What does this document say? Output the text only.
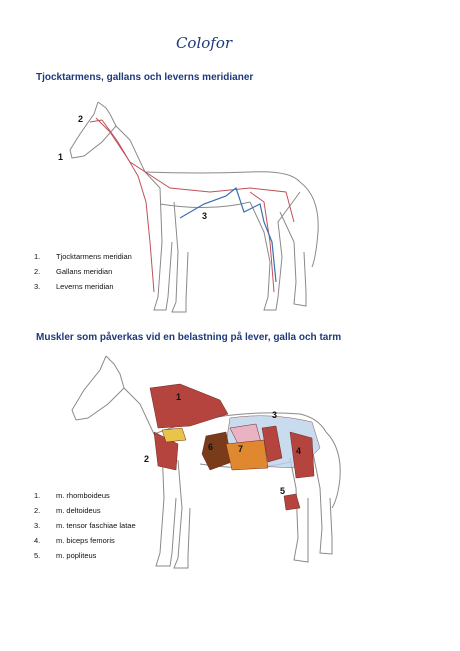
Colofor
Tjocktarmens, gallans och leverns meridianer
2
1
3
1. Tjocktarmens meridian
2. Gallans meridian
3. Leverns meridian
Muskler som påverkas vid en belastning på lever, galla och tarm
1
2
3
4
5
6	7
1. m. rhomboideus
2. m. deltoideus
3. m. tensor faschiae latae
4. m. biceps femoris
5. m. popliteus
